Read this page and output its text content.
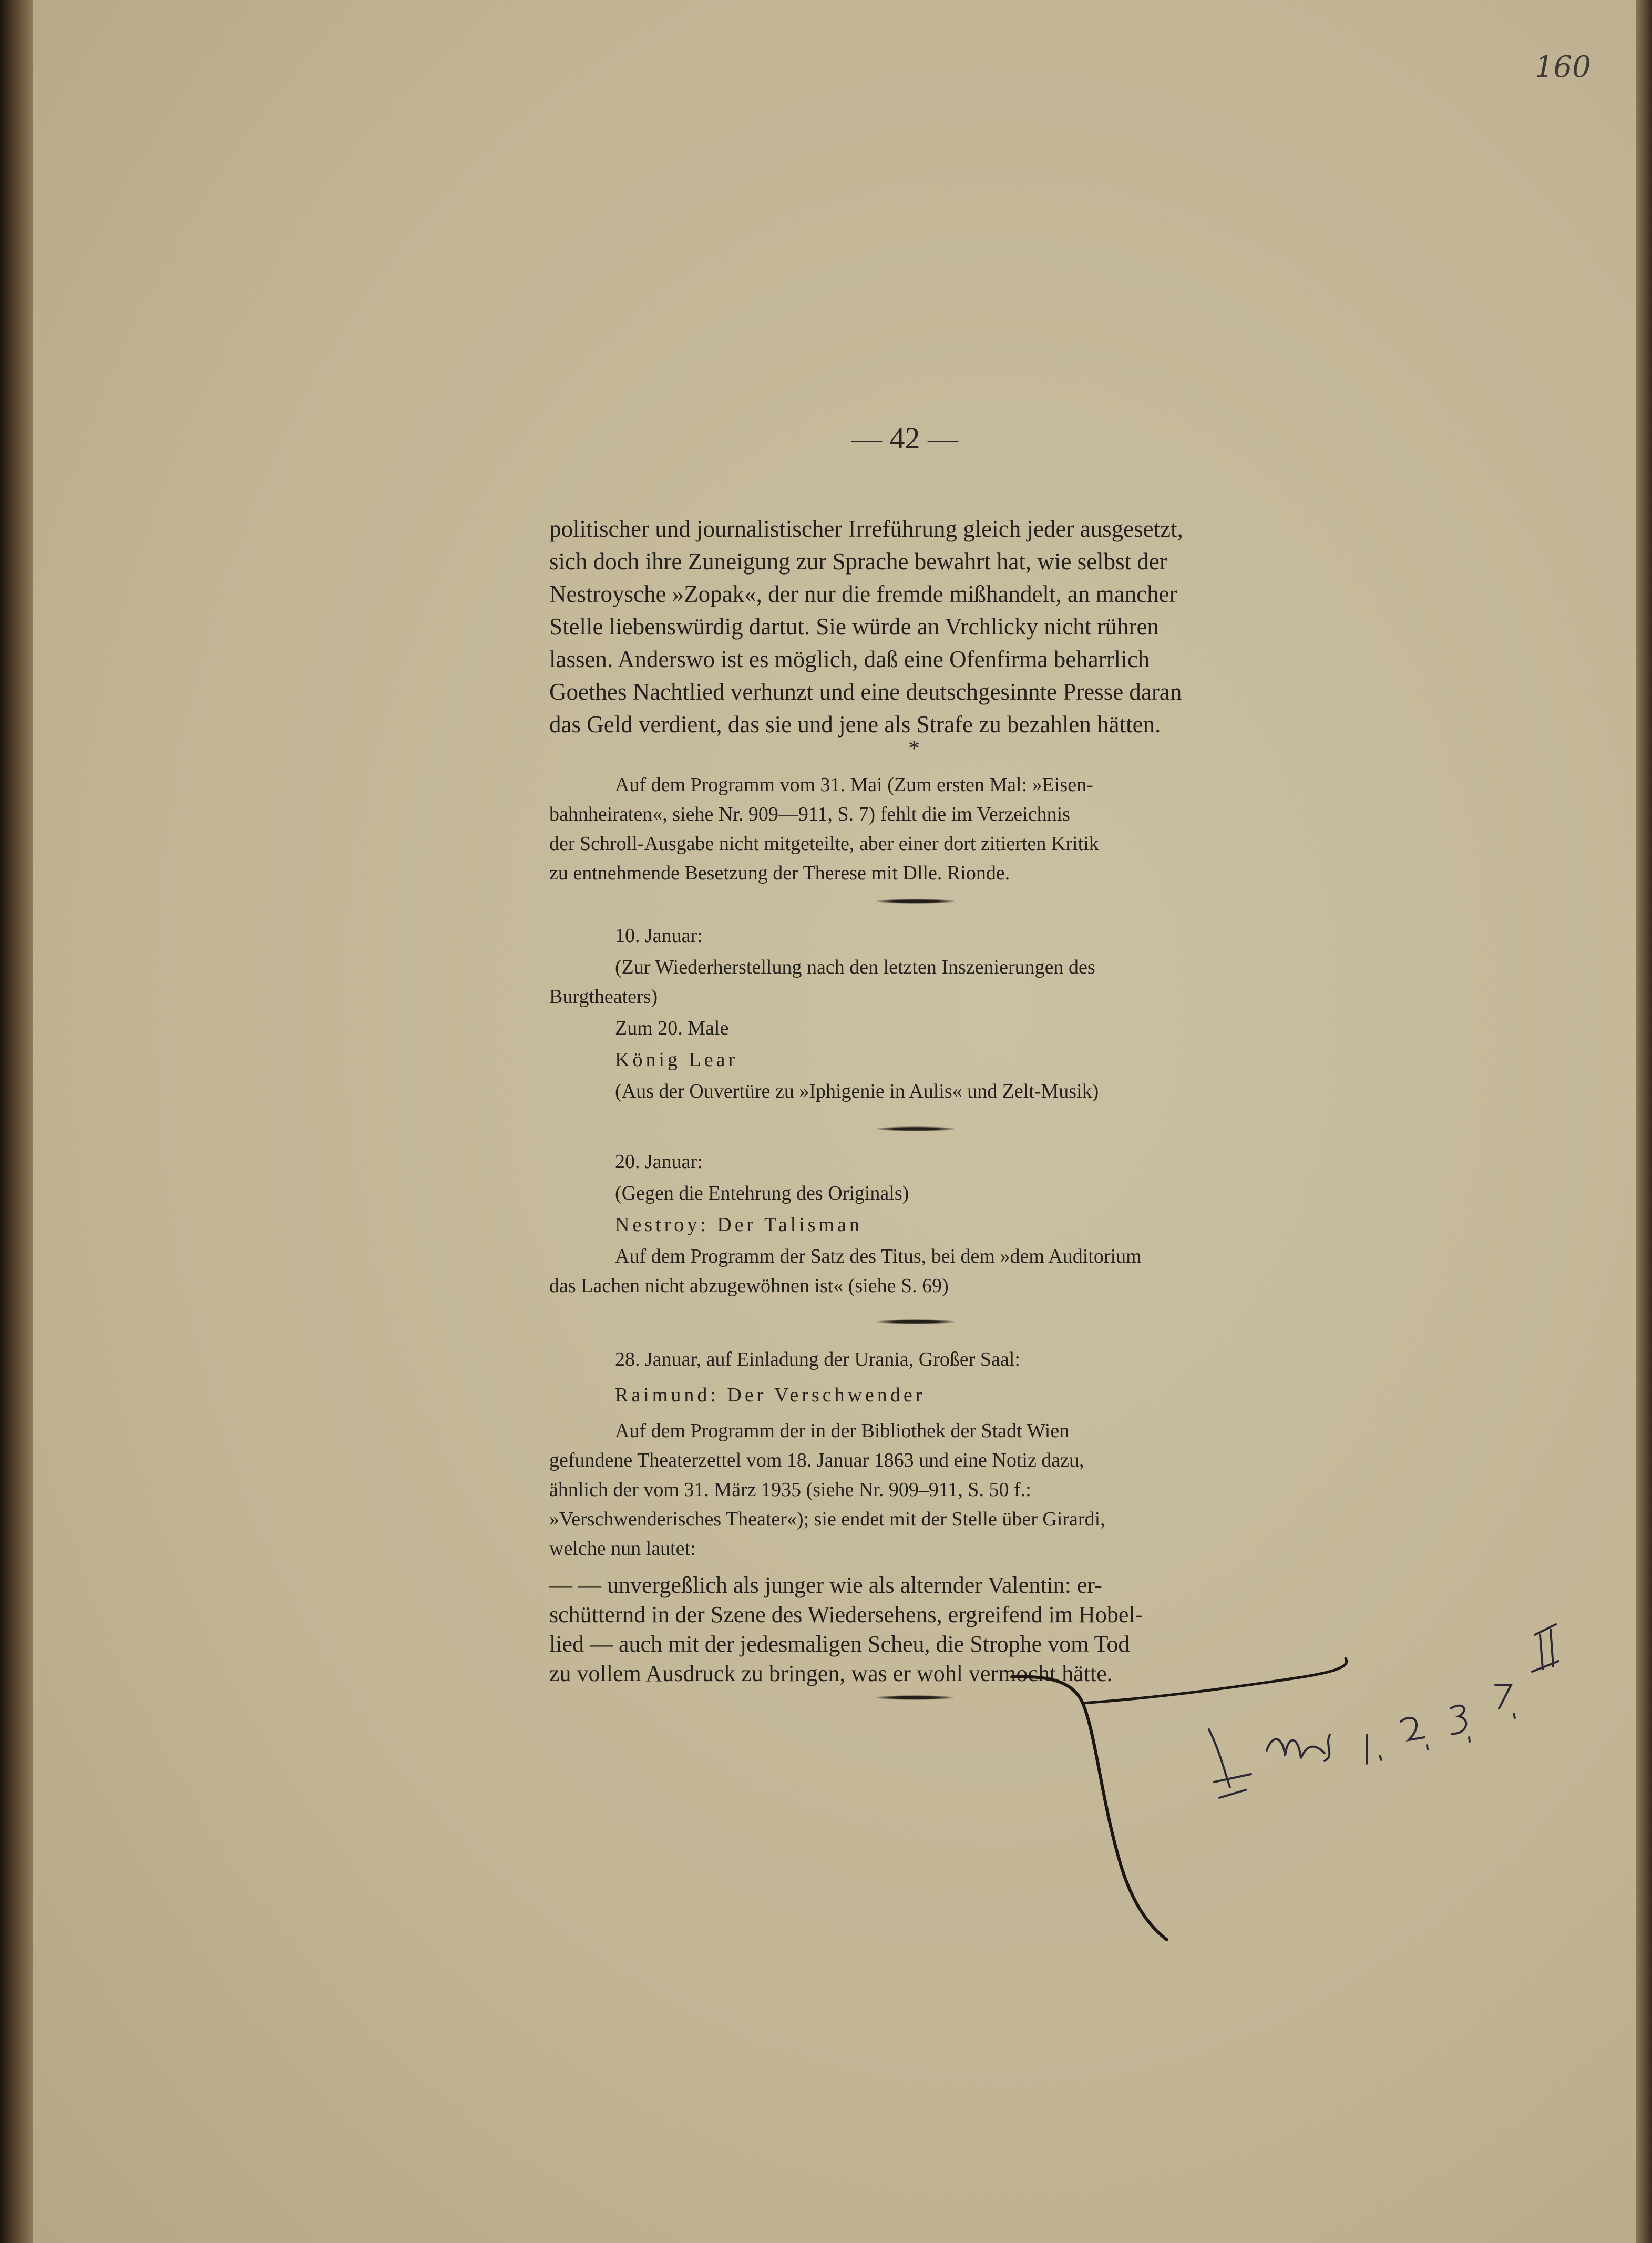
160
— 42 —
politischer und journalistischer Irreführung gleich jeder ausgesetzt,
sich doch ihre Zuneigung zur Sprache bewahrt hat, wie selbst der
Nestroysche »Zopak«, der nur die fremde mißhandelt, an mancher
Stelle liebenswürdig dartut. Sie würde an Vrchlicky nicht rühren
lassen. Anderswo ist es möglich, daß eine Ofenfirma beharrlich
Goethes Nachtlied verhunzt und eine deutschgesinnte Presse daran
das Geld verdient, das sie und jene als Strafe zu bezahlen hätten.
*
Auf dem Programm vom 31. Mai (Zum ersten Mal: »Eisen-
bahnheiraten«, siehe Nr. 909—911, S. 7) fehlt die im Verzeichnis
der Schroll-Ausgabe nicht mitgeteilte, aber einer dort zitierten Kritik
zu entnehmende Besetzung der Therese mit Dlle. Rionde.
10. Januar:
(Zur Wiederherstellung nach den letzten Inszenierungen des
Burgtheaters)
Zum 20. Male
König Lear
(Aus der Ouvertüre zu »Iphigenie in Aulis« und Zelt-Musik)
20. Januar:
(Gegen die Entehrung des Originals)
Nestroy: Der Talisman
Auf dem Programm der Satz des Titus, bei dem »dem Auditorium
das Lachen nicht abzugewöhnen ist« (siehe S. 69)
28. Januar, auf Einladung der Urania, Großer Saal:
Raimund: Der Verschwender
Auf dem Programm der in der Bibliothek der Stadt Wien
gefundene Theaterzettel vom 18. Januar 1863 und eine Notiz dazu,
ähnlich der vom 31. März 1935 (siehe Nr. 909–911, S. 50 f.:
»Verschwenderisches Theater«); sie endet mit der Stelle über Girardi,
welche nun lautet:
— — unvergeßlich als junger wie als alternder Valentin: er-
schütternd in der Szene des Wiedersehens, ergreifend im Hobel-
lied — auch mit der jedesmaligen Scheu, die Strophe vom Tod
zu vollem Ausdruck zu bringen, was er wohl vermocht hätte.
